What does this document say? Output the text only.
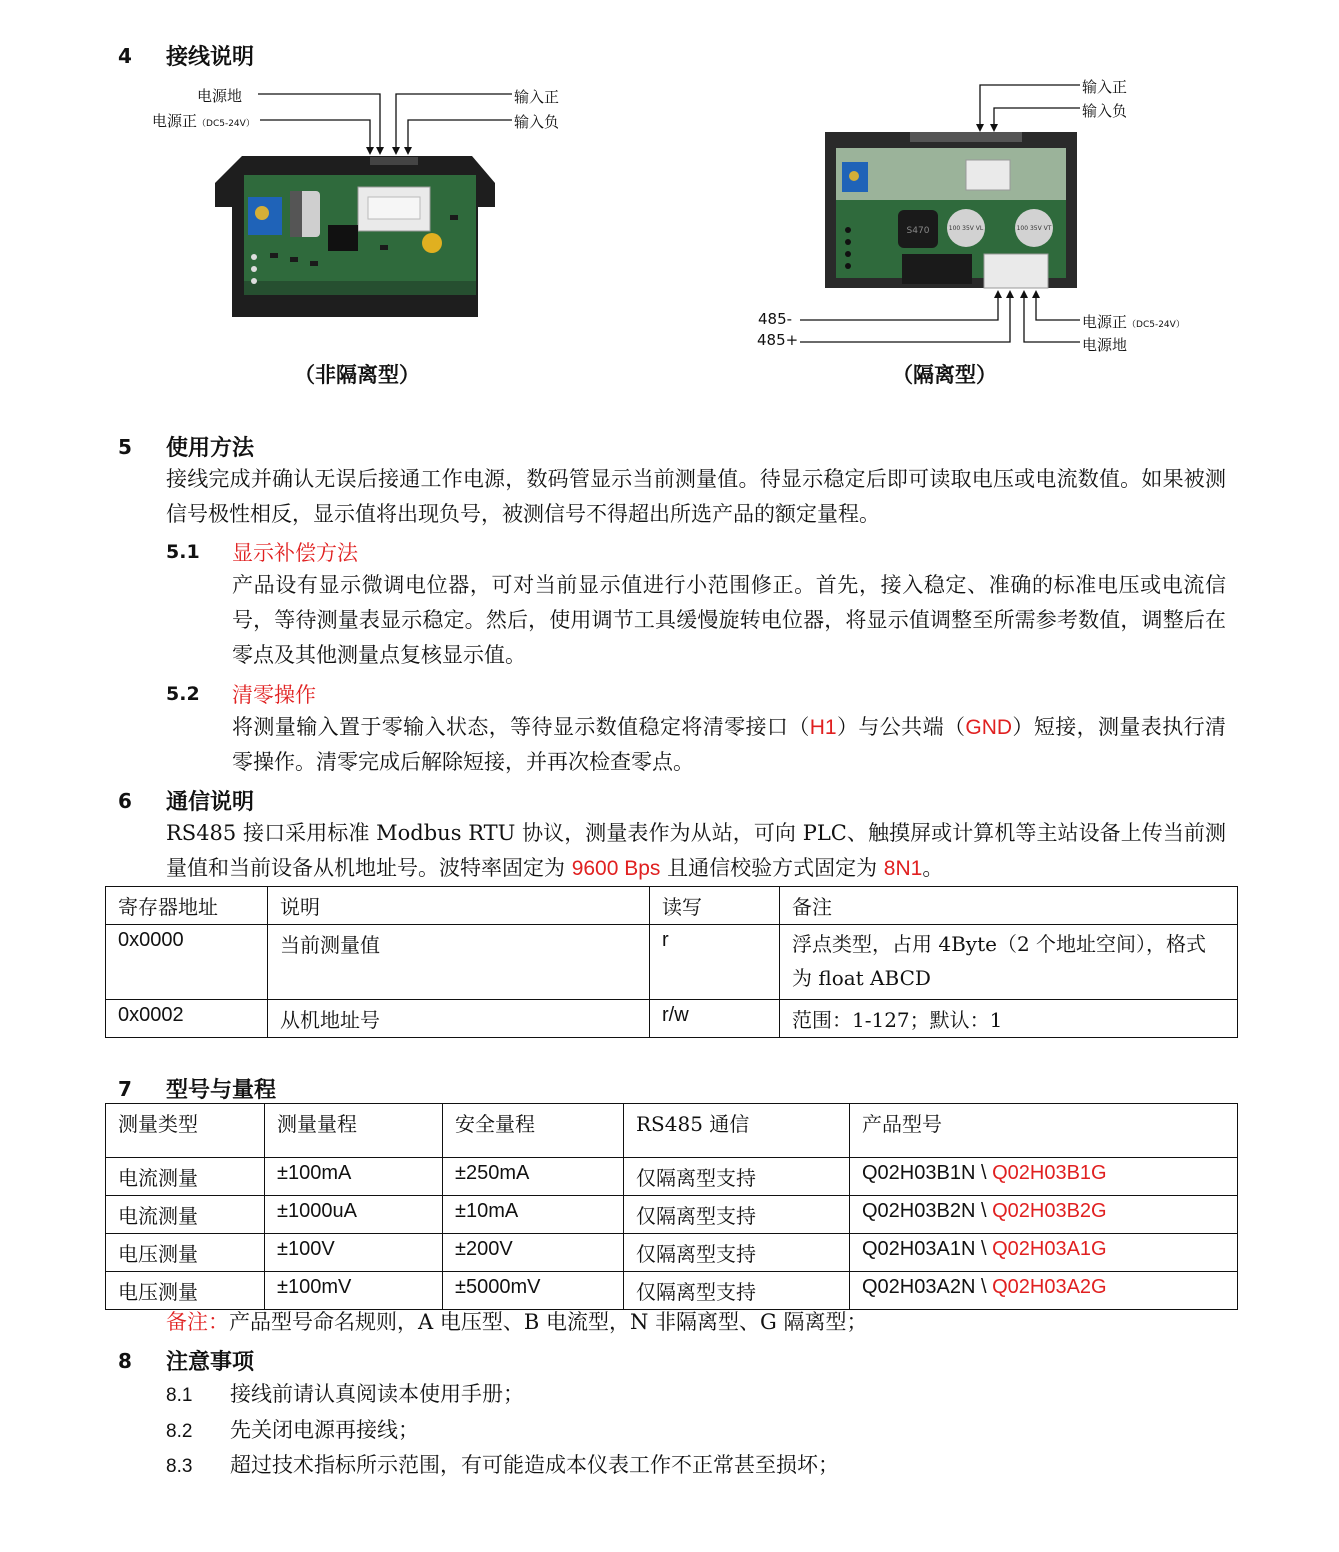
4 接线说明
电源地
电源正（DC5-24V）
输入正
输入负
（非隔离型）
输入正
输入负
485-
485+
电源正（DC5-24V）
电源地
S470	100 35V VL	100 35V VT
（隔离型）
5 使用方法
接线完成并确认无误后接通工作电源，数码管显示当前测量值。待显示稳定后即可读取电压或电流数值。如果被测信号极性相反，显示值将出现负号，被测信号不得超出所选产品的额定量程。
5.1 显示补偿方法
产品设有显示微调电位器，可对当前显示值进行小范围修正。首先，接入稳定、准确的标准电压或电流信号，等待测量表显示稳定。然后，使用调节工具缓慢旋转电位器，将显示值调整至所需参考数值，调整后在零点及其他测量点复核显示值。
5.2 清零操作
将测量输入置于零输入状态，等待显示数值稳定将清零接口（H1）与公共端（GND）短接，测量表执行清零操作。清零完成后解除短接，并再次检查零点。
6 通信说明
RS485 接口采用标准 Modbus RTU 协议，测量表作为从站，可向 PLC、触摸屏或计算机等主站设备上传当前测量值和当前设备从机地址号。波特率固定为 9600 Bps 且通信校验方式固定为 8N1。
寄存器地址	说明	读写	备注
0x0000	当前测量值	r	浮点类型，占用 4Byte（2 个地址空间），格式为 float ABCD
0x0002	从机地址号	r/w	范围：1-127；默认：1
7 型号与量程
测量类型	测量量程	安全量程	RS485 通信	产品型号
电流测量	±100mA	±250mA	仅隔离型支持	Q02H03B1N \ Q02H03B1G
电流测量	±1000uA	±10mA	仅隔离型支持	Q02H03B2N \ Q02H03B2G
电压测量	±100V	±200V	仅隔离型支持	Q02H03A1N \ Q02H03A1G
电压测量	±100mV	±5000mV	仅隔离型支持	Q02H03A2N \ Q02H03A2G
备注：产品型号命名规则，A 电压型、B 电流型，N 非隔离型、G 隔离型；
8 注意事项
8.1 接线前请认真阅读本使用手册；
8.2 先关闭电源再接线；
8.3 超过技术指标所示范围，有可能造成本仪表工作不正常甚至损坏；
